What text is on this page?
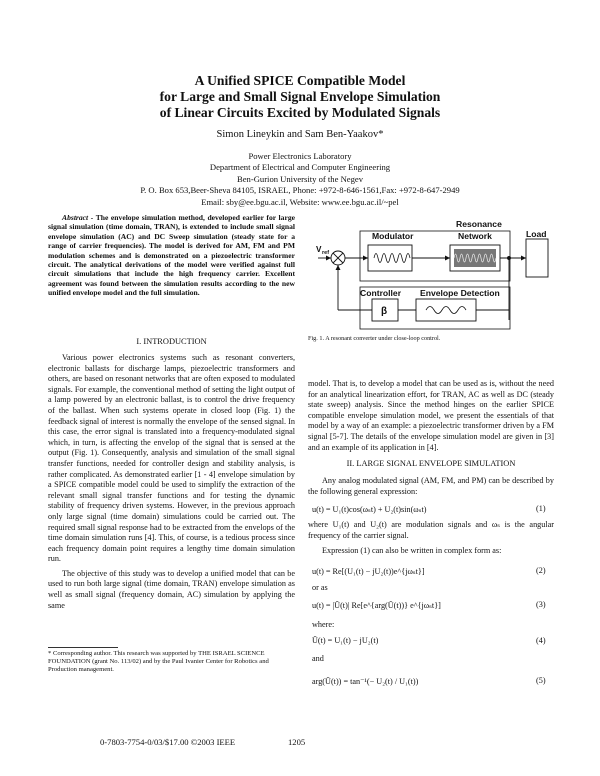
A Unified SPICE Compatible Model
for Large and Small Signal Envelope Simulation
of Linear Circuits Excited by Modulated Signals
Simon Lineykin and Sam Ben-Yaakov*
Power Electronics Laboratory
Department of Electrical and Computer Engineering
Ben-Gurion University of the Negev
P. O. Box 653,Beer-Sheva 84105, ISRAEL, Phone: +972-8-646-1561,Fax: +972-8-647-2949
Email: sby@ee.bgu.ac.il, Website: www.ee.bgu.ac.il/~pel
Abstract - The envelope simulation method, developed earlier for large signal simulation (time domain, TRAN), is extended to include small signal envelope simulation (AC) and DC Sweep simulation (steady state for a range of carrier frequencies). The model is derived for AM, FM and PM modulation schemes and is demonstrated on a piezoelectric transformer circuit. The analytical derivations of the model were verified against full circuit simulations that include the high frequency carrier. Excellent agreement was found between the simulation results according to the new unified envelope model and the full simulation.
I. INTRODUCTION

Various power electronics systems such as resonant converters, electronic ballasts for discharge lamps, piezoelectric transformers and others, are based on resonant networks that are often exposed to modulated signals. For example, the conventional method of setting the light output of a lamp powered by an electronic ballast, is to control the drive frequency of the ballast. When such systems operate in closed loop (Fig. 1) the feedback signal of interest is normally the envelope of the sensed signal. In this case, the error signal is translated into a frequency-modulated signal which, in turn, is affecting the envelop of the signal that is sensed at the output (Fig. 1). Consequently, analysis and simulation of the small signal transfer functions, needed for controller design and stability analysis, is rather complicated. As demonstrated earlier [1 - 4] envelope simulation by a SPICE compatible model could be used to simplify the extraction of the relevant small signal transfer functions and for testing the dynamic stability of frequency driven systems. However, in the previous approach only large signal (time domain) simulations could be carried out. The required small signal response had to be extracted from the envelops of the time domain simulation runs [4]. This, of course, is a tedious process since each frequency domain point requires a lengthy time domain simulation run.

The objective of this study was to develop a unified model that can be used to run both large signal (time domain, TRAN) envelope simulation as well as small signal (frequency domain, AC) simulation by applying the same

* Corresponding author. This research was supported by THE ISRAEL SCIENCE FOUNDATION (grant No. 113/02) and by the Paul Ivanier Center for Robotics and Production management.
Resonance
Network
Modulator	Load
V ref
Controller Envelope Detection
β
Fig. 1. A resonant converter under close-loop control.
model. That is, to develop a model that can be used as is, without the need for an analytical linearization effort, for TRAN, AC as well as DC (steady state sweep) analysis. Since the method hinges on the earlier SPICE compatible envelope simulation model, we present the essentials of that model by a way of an example: a piezoelectric transformer driven by a FM signal [5-7]. The details of the envelope simulation model are given in [3] and an example of its application in [4].
II. LARGE SIGNAL ENVELOPE SIMULATION

Any analog modulated signal (AM, FM, and PM) can be described by the following general expression:

u(t) = U₁(t)cos(ωₛt) + U₂(t)sin(ωₛt)	(1)
where U₁(t) and U₂(t) are modulation signals and ωₛ is the angular frequency of the carrier signal.

Expression (1) can also be written in complex form as:

u(t) = Re[(U₁(t) − jU₂(t))e^{jωₛt}]	(2)
or as
u(t) = |Ũ(t)| Re[e^{arg(Ũ(t))} e^{jωₛt}]	(3)
where:
Ũ(t) = U₁(t) − jU₂(t)	(4)
and
arg(Ũ(t)) = tan⁻¹(− U₂(t) / U₁(t))	(5)
0-7803-7754-0/03/$17.00 ©2003 IEEE	1205
